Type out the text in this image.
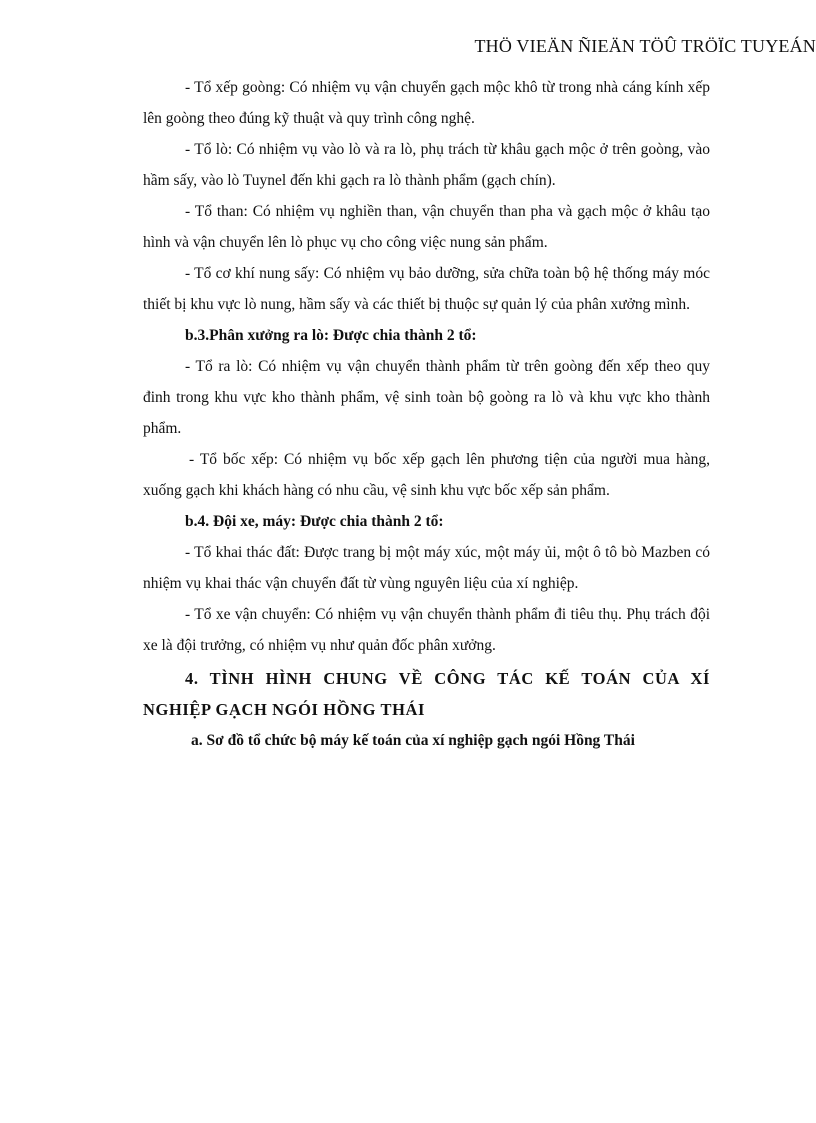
THÖ VIEÄN ÑIEÄN TÖÛ TRÖÏC TUYEÁN

- Tổ xếp goòng: Có nhiệm vụ vận chuyển gạch mộc khô từ trong nhà cáng kính xếp lên goòng theo đúng kỹ thuật và quy trình công nghệ.

- Tổ lò: Có nhiệm vụ vào lò và ra lò, phụ trách từ khâu gạch mộc ở trên goòng, vào hầm sấy, vào lò Tuynel đến khi gạch ra lò thành phẩm (gạch chín).

- Tổ than: Có nhiệm vụ nghiền than, vận chuyển than pha và gạch mộc ở khâu tạo hình và vận chuyển lên lò phục vụ cho công việc nung sản phẩm.

- Tổ cơ khí nung sấy: Có nhiệm vụ bảo dưỡng, sửa chữa toàn bộ hệ thống máy móc thiết bị khu vực lò nung, hầm sấy và các thiết bị thuộc sự quản lý của phân xưởng mình.

b.3.Phân xưởng ra lò: Được chia thành 2 tổ:

- Tổ ra lò: Có nhiệm vụ vận chuyển thành phẩm từ trên goòng đến xếp theo quy đinh trong khu vực kho thành phẩm, vệ sinh toàn bộ goòng ra lò và khu vực kho thành phẩm.

- Tổ bốc xếp: Có nhiệm vụ bốc xếp gạch lên phương tiện của người mua hàng, xuống gạch khi khách hàng có nhu cầu, vệ sinh khu vực bốc xếp sản phẩm.

b.4. Đội xe, máy: Được chia thành 2 tổ:

- Tổ khai thác đất: Được trang bị một máy xúc, một máy ủi, một ô tô bò Mazben có nhiệm vụ khai thác vận chuyển đất từ vùng nguyên liệu của xí nghiệp.

- Tổ xe vận chuyển: Có nhiệm vụ vận chuyển thành phẩm đi tiêu thụ. Phụ trách đội xe là đội trưởng, có nhiệm vụ như quản đốc phân xưởng.

4. TÌNH HÌNH CHUNG VỀ CÔNG TÁC KẾ TOÁN CỦA XÍ NGHIỆP GẠCH NGÓI HỒNG THÁI

a. Sơ đồ tổ chức bộ máy kế toán của xí nghiệp gạch ngói Hồng Thái
